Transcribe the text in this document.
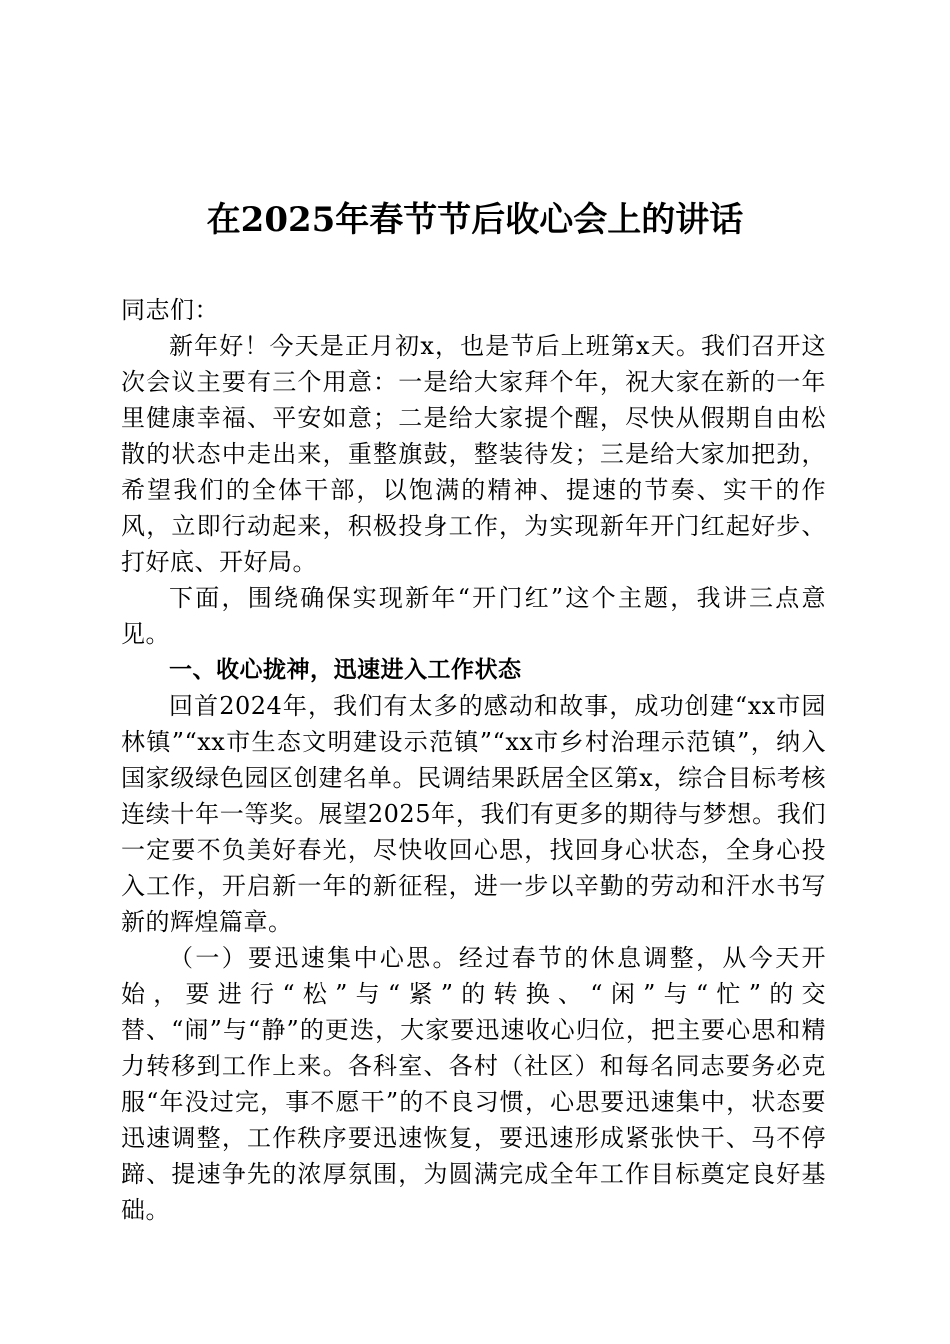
在2025年春节节后收心会上的讲话

同志们：

新年好！今天是正月初x，也是节后上班第x天。我们召开这次会议主要有三个用意：一是给大家拜个年，祝大家在新的一年里健康幸福、平安如意；二是给大家提个醒，尽快从假期自由松散的状态中走出来，重整旗鼓，整装待发；三是给大家加把劲，希望我们的全体干部，以饱满的精神、提速的节奏、实干的作风，立即行动起来，积极投身工作，为实现新年开门红起好步、打好底、开好局。

下面，围绕确保实现新年“开门红”这个主题，我讲三点意见。

一、收心拢神，迅速进入工作状态

回首2024年，我们有太多的感动和故事，成功创建“xx市园林镇”“xx市生态文明建设示范镇”“xx市乡村治理示范镇”，纳入国家级绿色园区创建名单。民调结果跃居全区第x，综合目标考核连续十年一等奖。展望2025年，我们有更多的期待与梦想。我们一定要不负美好春光，尽快收回心思，找回身心状态，全身心投入工作，开启新一年的新征程，进一步以辛勤的劳动和汗水书写新的辉煌篇章。

（一）要迅速集中心思。经过春节的休息调整，从今天开始，要进行“松”与“紧”的转换、“闲”与“忙”的交替、“闹”与“静”的更迭，大家要迅速收心归位，把主要心思和精力转移到工作上来。各科室、各村（社区）和每名同志要务必克服“年没过完，事不愿干”的不良习惯，心思要迅速集中，状态要迅速调整，工作秩序要迅速恢复，要迅速形成紧张快干、马不停蹄、提速争先的浓厚氛围，为圆满完成全年工作目标奠定良好基础。
